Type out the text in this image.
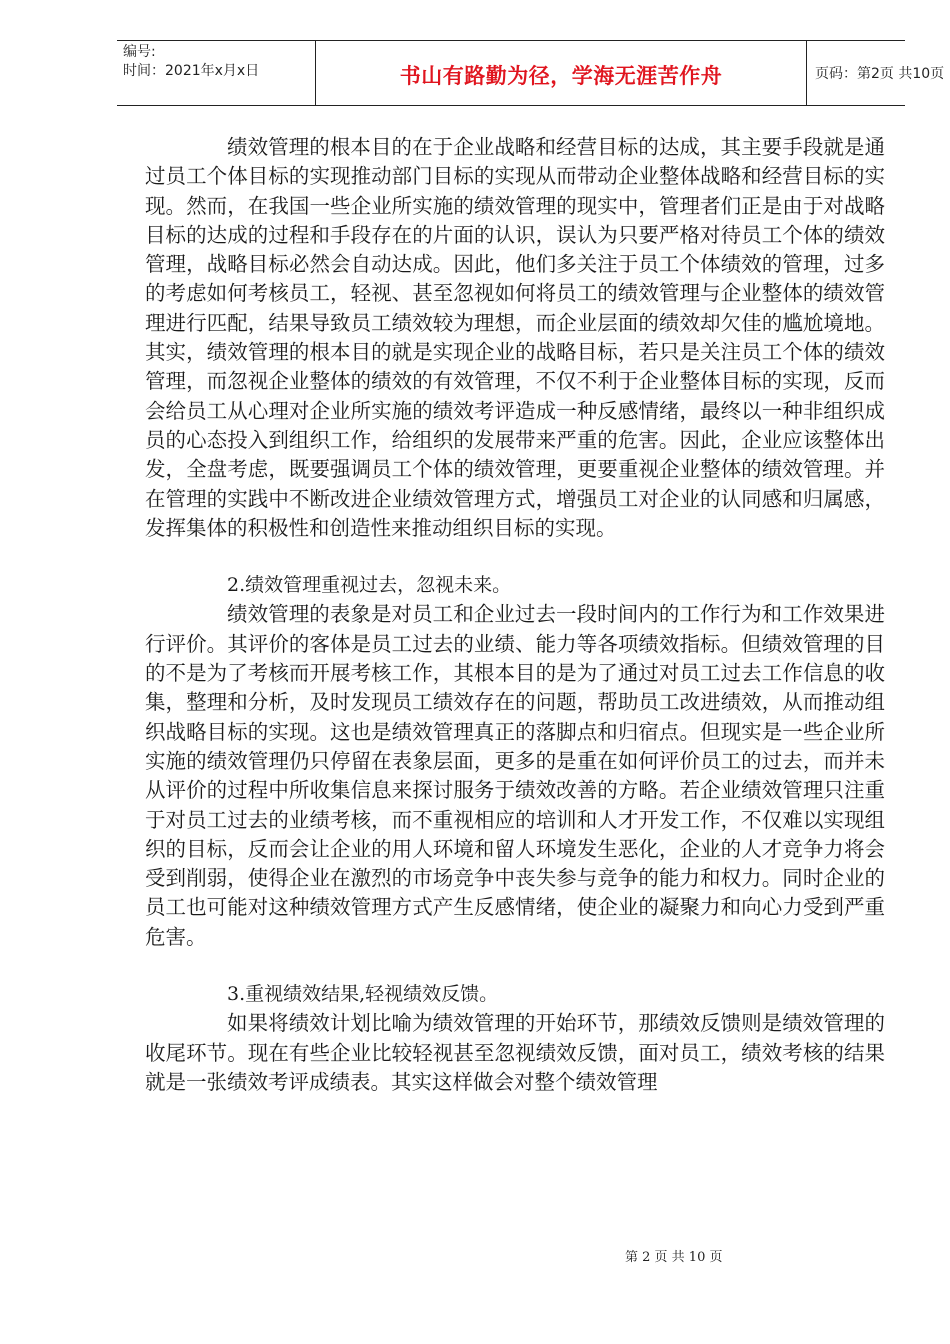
编号:
时间：2021年x月x日	书山有路勤为径，学海无涯苦作舟	页码：第2页 共10页

绩效管理的根本目的在于企业战略和经营目标的达成，其主要手段就是通过员工个体目标的实现推动部门目标的实现从而带动企业整体战略和经营目标的实现。然而，在我国一些企业所实施的绩效管理的现实中，管理者们正是由于对战略目标的达成的过程和手段存在的片面的认识，误认为只要严格对待员工个体的绩效管理，战略目标必然会自动达成。因此，他们多关注于员工个体绩效的管理，过多的考虑如何考核员工，轻视、甚至忽视如何将员工的绩效管理与企业整体的绩效管理进行匹配，结果导致员工绩效较为理想，而企业层面的绩效却欠佳的尴尬境地。其实，绩效管理的根本目的就是实现企业的战略目标，若只是关注员工个体的绩效管理，而忽视企业整体的绩效的有效管理，不仅不利于企业整体目标的实现，反而会给员工从心理对企业所实施的绩效考评造成一种反感情绪，最终以一种非组织成员的心态投入到组织工作，给组织的发展带来严重的危害。因此，企业应该整体出发，全盘考虑，既要强调员工个体的绩效管理，更要重视企业整体的绩效管理。并在管理的实践中不断改进企业绩效管理方式，增强员工对企业的认同感和归属感，发挥集体的积极性和创造性来推动组织目标的实现。

2.绩效管理重视过去，忽视未来。

绩效管理的表象是对员工和企业过去一段时间内的工作行为和工作效果进行评价。其评价的客体是员工过去的业绩、能力等各项绩效指标。但绩效管理的目的不是为了考核而开展考核工作，其根本目的是为了通过对员工过去工作信息的收集，整理和分析，及时发现员工绩效存在的问题，帮助员工改进绩效，从而推动组织战略目标的实现。这也是绩效管理真正的落脚点和归宿点。但现实是一些企业所实施的绩效管理仍只停留在表象层面，更多的是重在如何评价员工的过去，而并未从评价的过程中所收集信息来探讨服务于绩效改善的方略。若企业绩效管理只注重于对员工过去的业绩考核，而不重视相应的培训和人才开发工作，不仅难以实现组织的目标，反而会让企业的用人环境和留人环境发生恶化，企业的人才竞争力将会受到削弱，使得企业在激烈的市场竞争中丧失参与竞争的能力和权力。同时企业的员工也可能对这种绩效管理方式产生反感情绪，使企业的凝聚力和向心力受到严重危害。

3.重视绩效结果,轻视绩效反馈。

如果将绩效计划比喻为绩效管理的开始环节，那绩效反馈则是绩效管理的收尾环节。现在有些企业比较轻视甚至忽视绩效反馈，面对员工，绩效考核的结果就是一张绩效考评成绩表。其实这样做会对整个绩效管理

第 2 页 共 10 页
